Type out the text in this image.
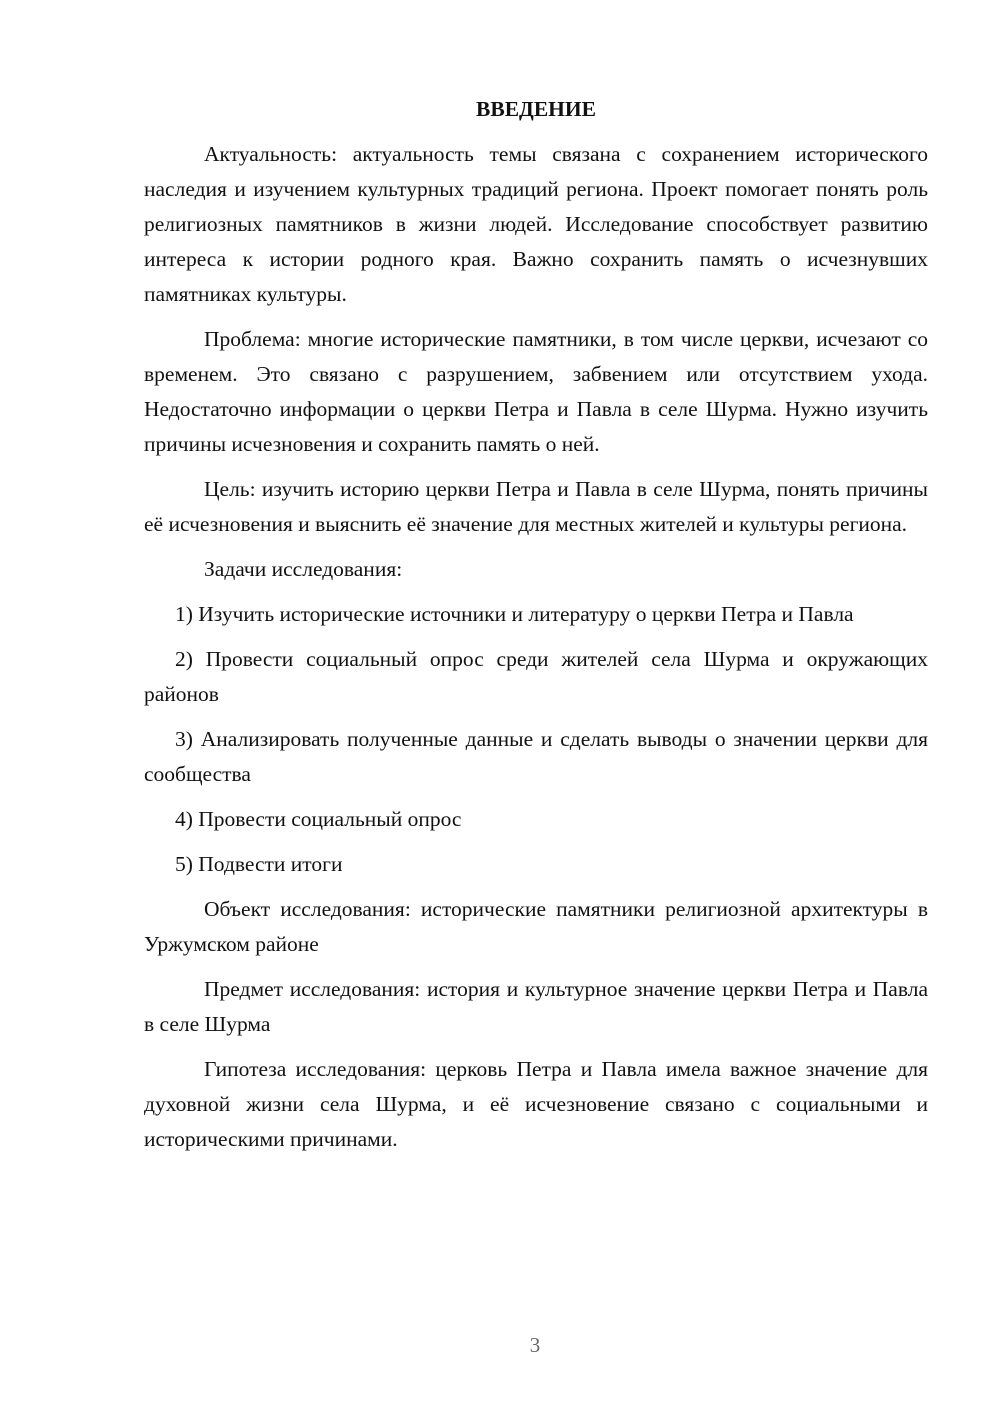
ВВЕДЕНИЕ

Актуальность: актуальность темы связана с сохранением исторического наследия и изучением культурных традиций региона. Проект помогает понять роль религиозных памятников в жизни людей. Исследование способствует развитию интереса к истории родного края. Важно сохранить память о исчезнувших памятниках культуры.

Проблема: многие исторические памятники, в том числе церкви, исчезают со временем. Это связано с разрушением, забвением или отсутствием ухода. Недостаточно информации о церкви Петра и Павла в селе Шурма. Нужно изучить причины исчезновения и сохранить память о ней.

Цель: изучить историю церкви Петра и Павла в селе Шурма, понять причины её исчезновения и выяснить её значение для местных жителей и культуры региона.

Задачи исследования:

1) Изучить исторические источники и литературу о церкви Петра и Павла

2) Провести социальный опрос среди жителей села Шурма и окружающих районов

3) Анализировать полученные данные и сделать выводы о значении церкви для сообщества

4) Провести социальный опрос

5) Подвести итоги

Объект исследования: исторические памятники религиозной архитектуры в Уржумском районе

Предмет исследования: история и культурное значение церкви Петра и Павла в селе Шурма

Гипотеза исследования: церковь Петра и Павла имела важное значение для духовной жизни села Шурма, и её исчезновение связано с социальными и историческими причинами.

3
